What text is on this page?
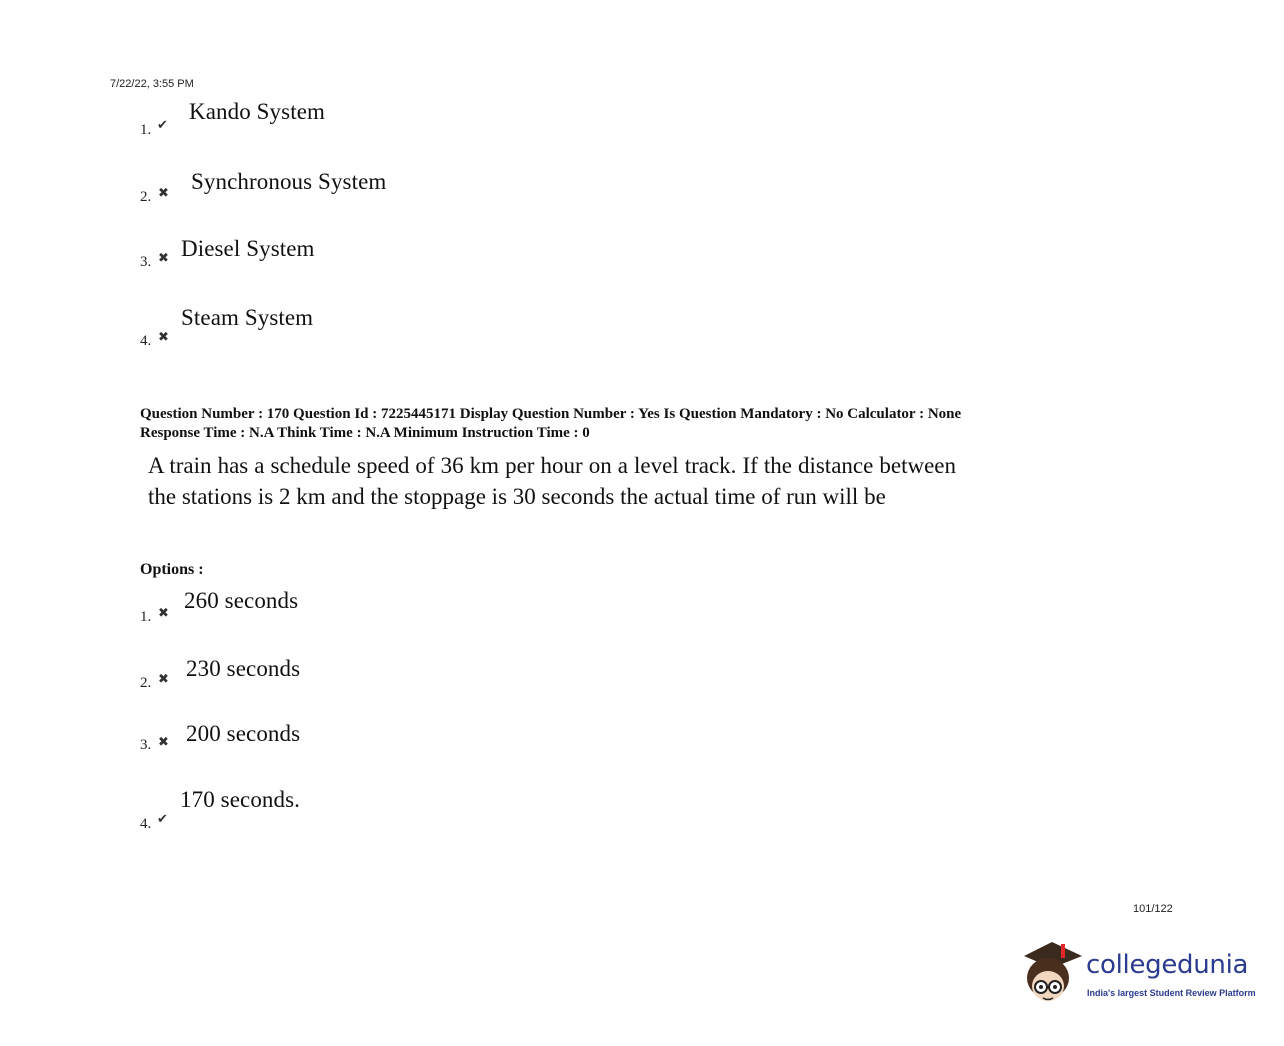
7/22/22, 3:55 PM
1. ✔
Kando System
2. ✖ Synchronous System
3. ✖ Diesel System
4. ✖
Steam System
Question Number : 170 Question Id : 7225445171 Display Question Number : Yes Is Question Mandatory : No Calculator : None
Response Time : N.A Think Time : N.A Minimum Instruction Time : 0
A train has a schedule speed of 36 km per hour on a level track. If the distance between the stations is 2 km and the stoppage is 30 seconds the actual time of run will be
Options :
1. ✖
260 seconds
2. ✖ 230 seconds
3. ✖ 200 seconds
4. ✔
170 seconds.
101/122
collegedunia
India's largest Student Review Platform
